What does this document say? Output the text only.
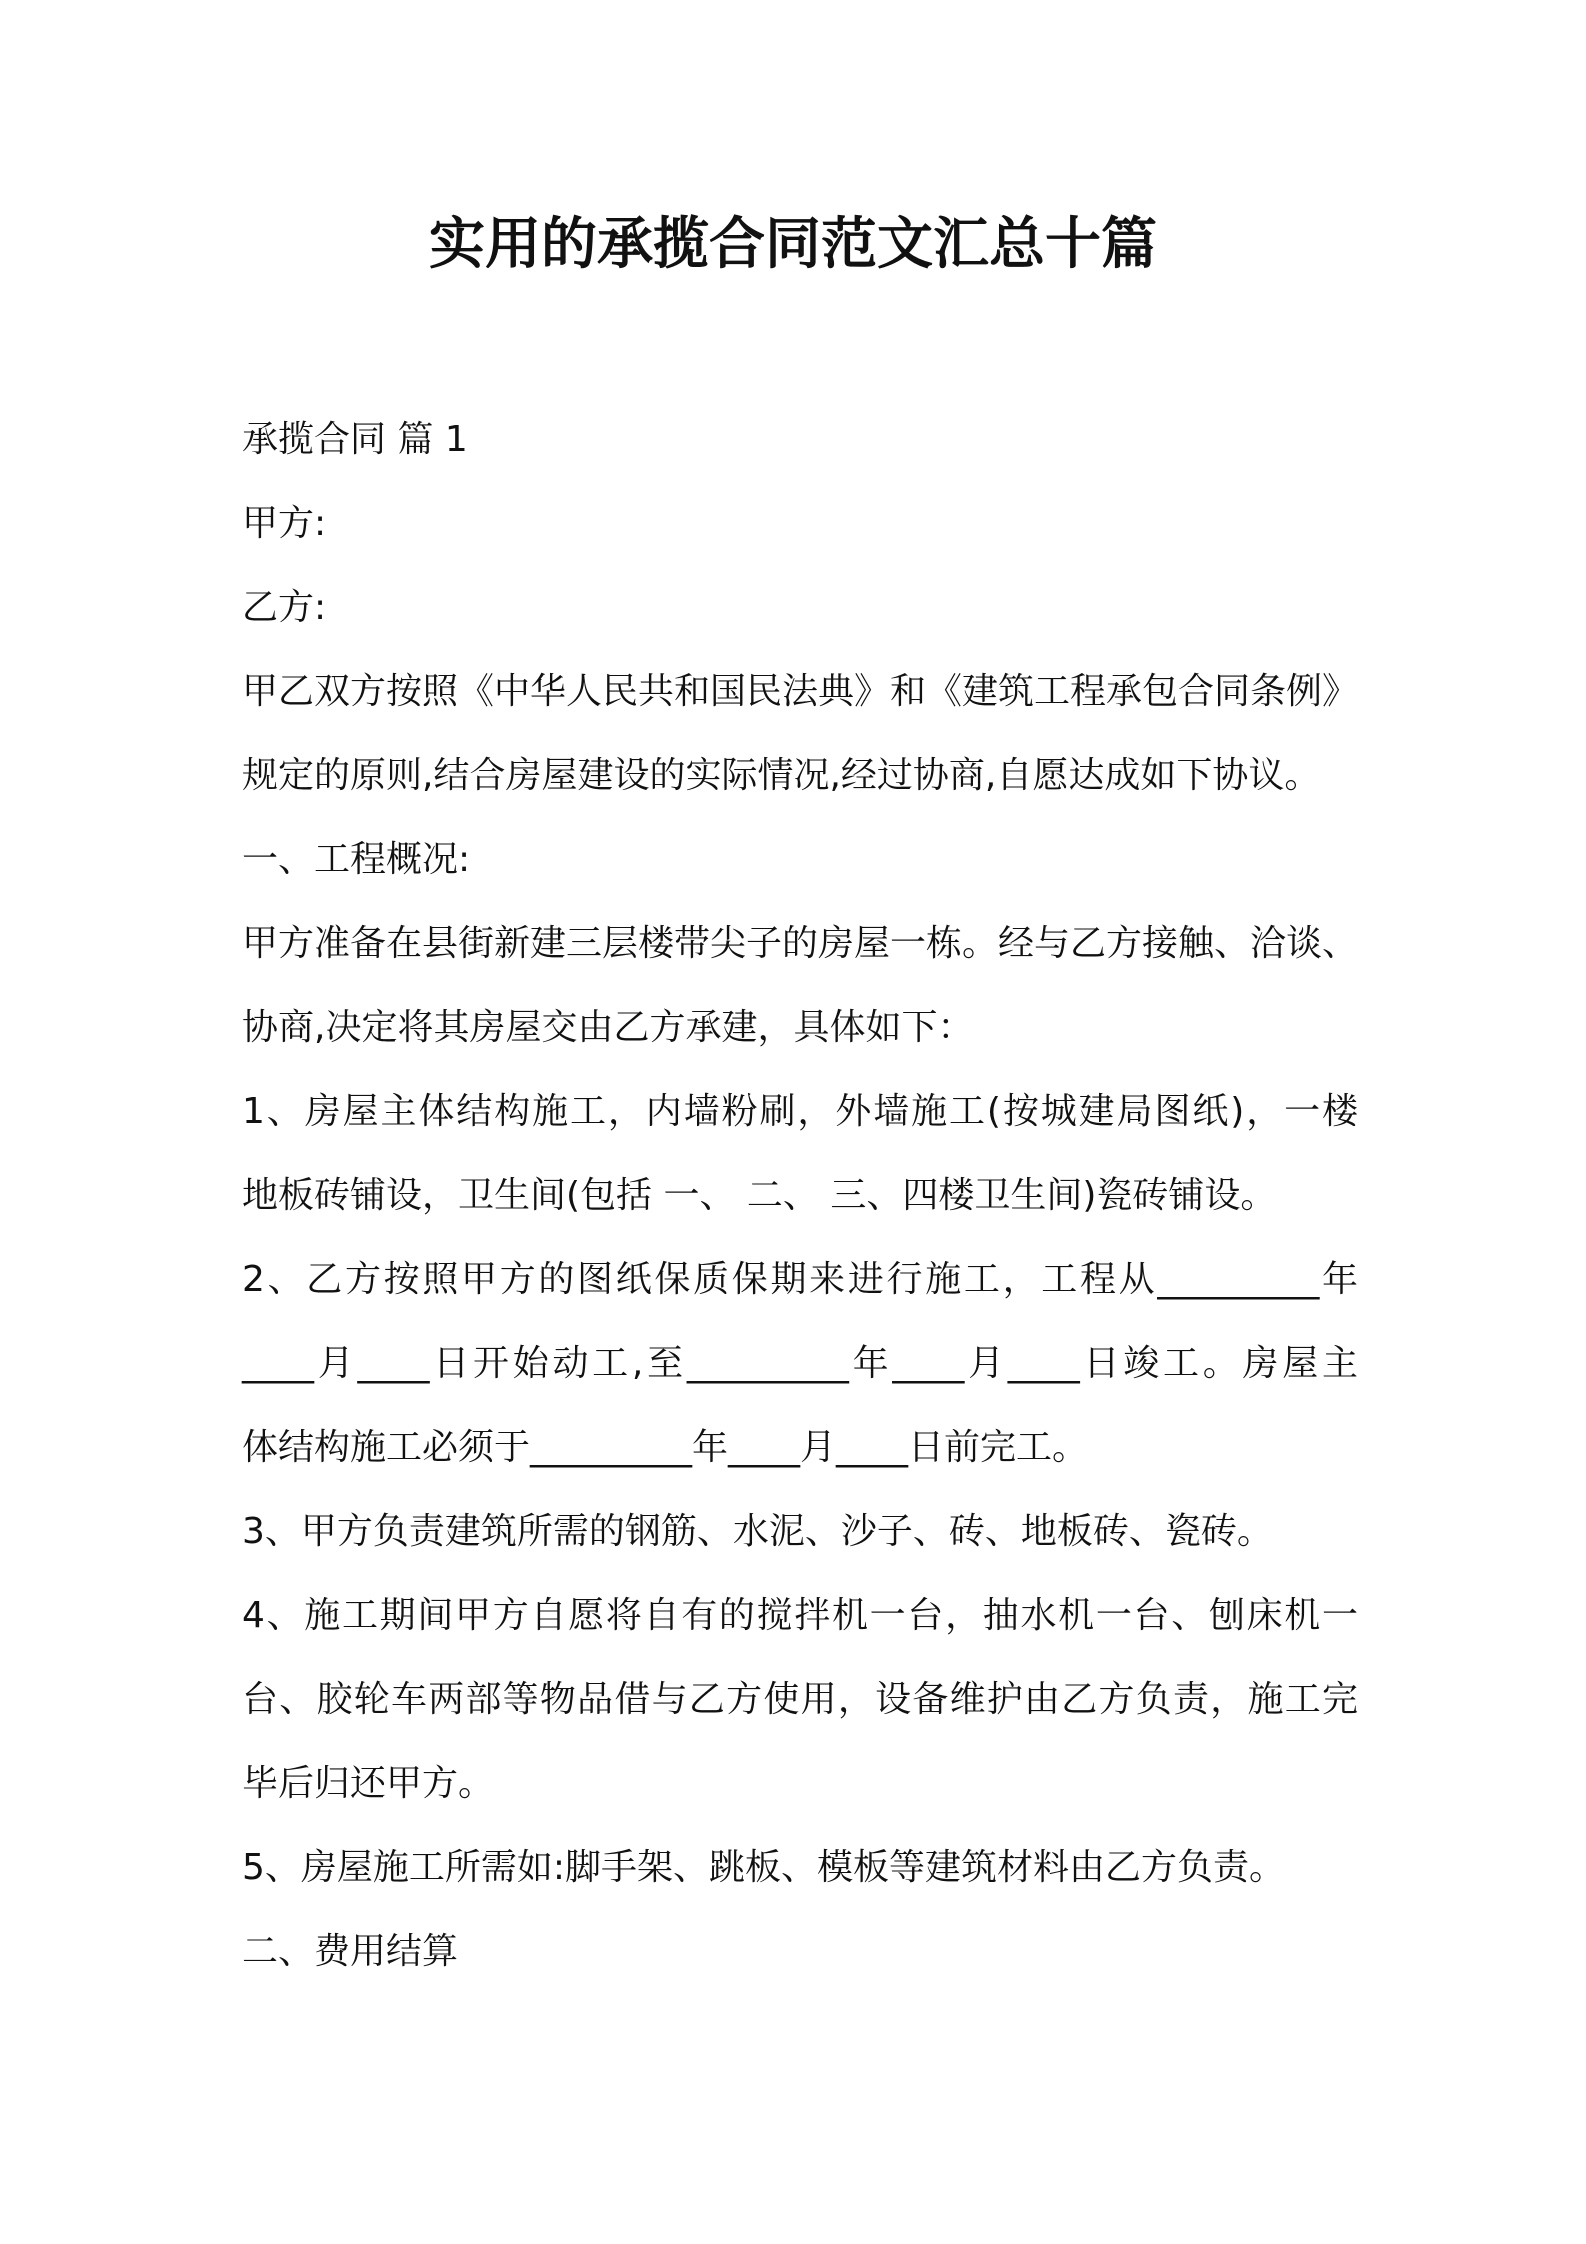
实用的承揽合同范文汇总十篇
承揽合同 篇 1
甲方:
乙方:
甲乙双方按照《中华人民共和国民法典》和《建筑工程承包合同条例》
规定的原则,结合房屋建设的实际情况,经过协商,自愿达成如下协议。
一、工程概况:
甲方准备在县街新建三层楼带尖子的房屋一栋。经与乙方接触、洽谈、
协商,决定将其房屋交由乙方承建，具体如下：
1、房屋主体结构施工，内墙粉刷，外墙施工(按城建局图纸)，一楼
地板砖铺设，卫生间(包括 一、 二、 三、四楼卫生间)瓷砖铺设。
2、乙方按照甲方的图纸保质保期来进行施工，工程从_________年
____月____日开始动工,至_________年____月____日竣工。房屋主
体结构施工必须于_________年____月____日前完工。
3、甲方负责建筑所需的钢筋、水泥、沙子、砖、地板砖、瓷砖。
4、施工期间甲方自愿将自有的搅拌机一台，抽水机一台、刨床机一
台、胶轮车两部等物品借与乙方使用，设备维护由乙方负责，施工完
毕后归还甲方。
5、房屋施工所需如:脚手架、跳板、模板等建筑材料由乙方负责。
二、费用结算
